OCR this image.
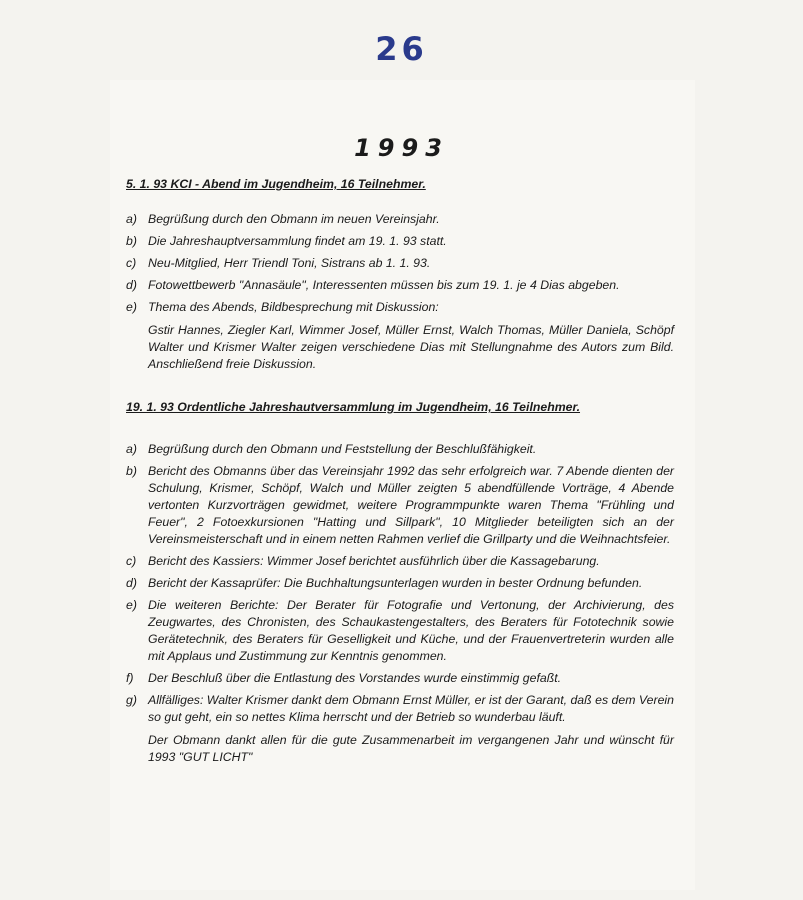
26
1993

5. 1. 93 KCI - Abend im Jugendheim, 16 Teilnehmer.

a) Begrüßung durch den Obmann im neuen Vereinsjahr.
b) Die Jahreshauptversammlung findet am 19. 1. 93 statt.
c) Neu-Mitglied, Herr Triendl Toni, Sistrans ab 1. 1. 93.
d) Fotowettbewerb "Annasäule", Interessenten müssen bis zum 19. 1. je 4 Dias abgeben.
e) Thema des Abends, Bildbesprechung mit Diskussion:
Gstir Hannes, Ziegler Karl, Wimmer Josef, Müller Ernst, Walch Thomas, Müller Daniela, Schöpf Walter und Krismer Walter zeigen verschiedene Dias mit Stellungnahme des Autors zum Bild. Anschließend freie Diskussion.

19. 1. 93 Ordentliche Jahreshautversammlung im Jugendheim, 16 Teilnehmer.

a) Begrüßung durch den Obmann und Feststellung der Beschlußfähigkeit.
b) Bericht des Obmanns über das Vereinsjahr 1992 das sehr erfolgreich war. 7 Abende dienten der Schulung, Krismer, Schöpf, Walch und Müller zeigten 5 abendfüllende Vorträge, 4 Abende vertonten Kurzvorträgen gewidmet, weitere Programmpunkte waren Thema "Frühling und Feuer", 2 Fotoexkursionen "Hatting und Sillpark", 10 Mitglieder beteiligten sich an der Vereinsmeisterschaft und in einem netten Rahmen verlief die Grillparty und die Weihnachtsfeier.
c) Bericht des Kassiers: Wimmer Josef berichtet ausführlich über die Kassagebarung.
d) Bericht der Kassaprüfer: Die Buchhaltungsunterlagen wurden in bester Ordnung befunden.
e) Die weiteren Berichte: Der Berater für Fotografie und Vertonung, der Archivierung, des Zeugwartes, des Chronisten, des Schaukastengestalters, des Beraters für Fototechnik sowie Gerätetechnik, des Beraters für Geselligkeit und Küche, und der Frauenvertreterin wurden alle mit Applaus und Zustimmung zur Kenntnis genommen.
f) Der Beschluß über die Entlastung des Vorstandes wurde einstimmig gefaßt.
g) Allfälliges: Walter Krismer dankt dem Obmann Ernst Müller, er ist der Garant, daß es dem Verein so gut geht, ein so nettes Klima herrscht und der Betrieb so wunderbau läuft.
Der Obmann dankt allen für die gute Zusammenarbeit im vergangenen Jahr und wünscht für 1993 "GUT LICHT"
